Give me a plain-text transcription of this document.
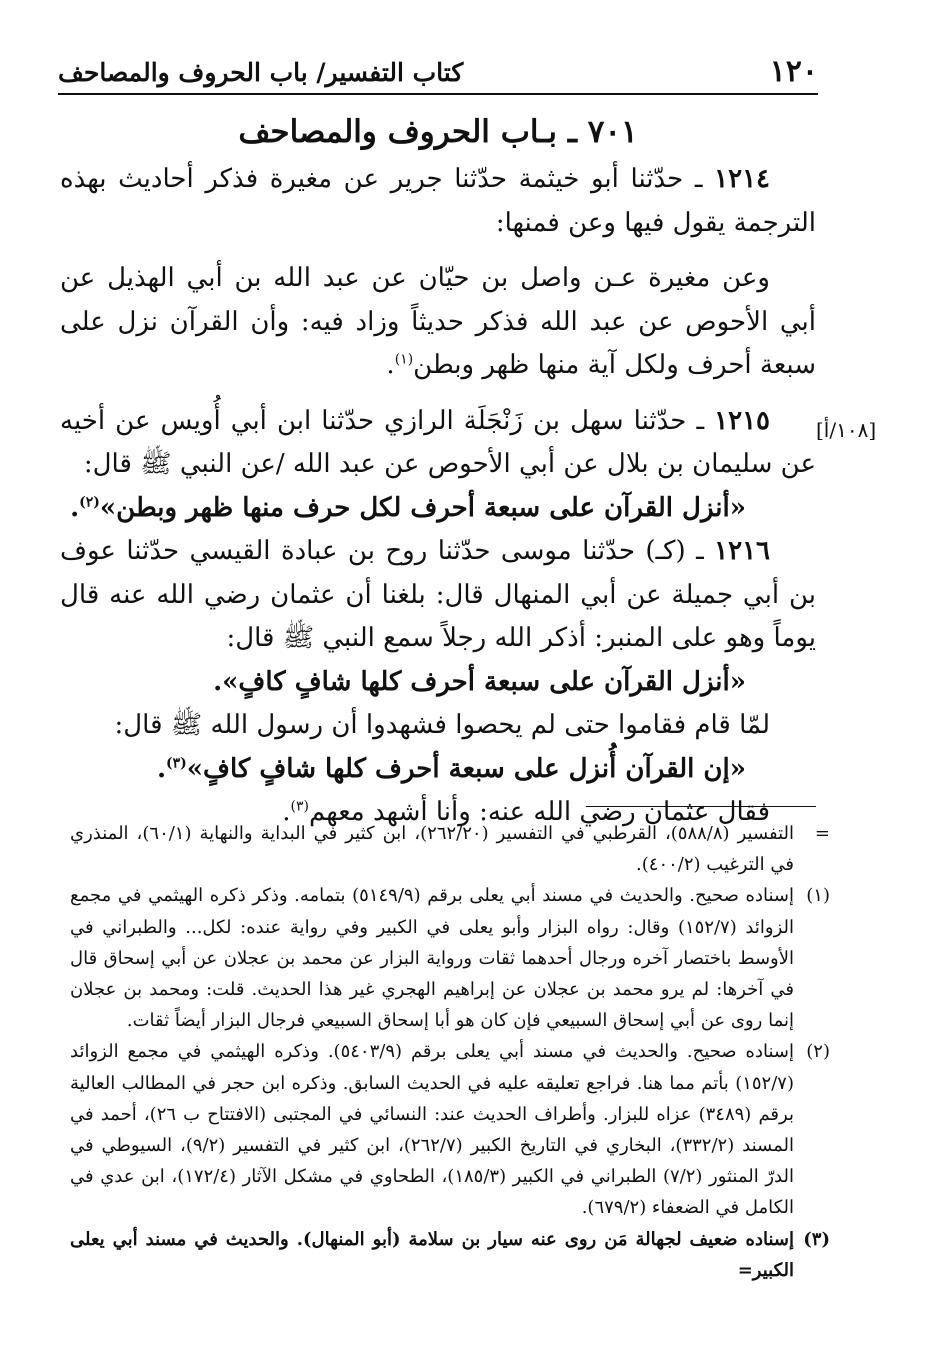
١٢٠
كتاب التفسير/ باب الحروف والمصاحف
٧٠١ ـ بـاب الحروف والمصاحف

١٢١٤ ـ حدّثنا أبو خيثمة حدّثنا جرير عن مغيرة فذكر أحاديث بهذه الترجمة يقول فيها وعن فمنها:

وعن مغيرة عـن واصل بن حيّان عن عبد الله بن أبي الهذيل عن أبي الأحوص عن عبد الله فذكر حديثاً وزاد فيه: وأن القرآن نزل على سبعة أحرف ولكل آية منها ظهر وبطن$^{(١)}$.

١٢١٥ ـ حدّثنا سهل بن زَنْجَلَة الرازي حدّثنا ابن أبي أُويس عن أخيه عن سليمان بن بلال عن أبي الأحوص عن عبد الله /عن النبي ﷺ قال:

«أنزل القرآن على سبعة أحرف لكل حرف منها ظهر وبطن»$^{(٢)}$.

١٢١٦ ـ (كـ) حدّثنا موسى حدّثنا روح بن عبادة القيسي حدّثنا عوف بن أبي جميلة عن أبي المنهال قال: بلغنا أن عثمان رضي الله عنه قال يوماً وهو على المنبر: أذكر الله رجلاً سمع النبي ﷺ قال:

«أنزل القرآن على سبعة أحرف كلها شافٍ كافٍ».

لمّا قام فقاموا حتى لم يحصوا فشهدوا أن رسول الله ﷺ قال:

«إن القرآن أُنزل على سبعة أحرف كلها شافٍ كافٍ»$^{(٣)}$.

فقال عثمان رضي الله عنه: وأنا أشهد معهم$^{(٣)}$.

[١٠٨/أ]

=
التفسير (٥٨٨/٨)، القرطبي في التفسير (٢٦٢/٢٠)، ابن كثير في البداية والنهاية (٦٠/١)، المنذري في الترغيب (٤٠٠/٢).

(١)
إسناده صحيح. والحديث في مسند أبي يعلى برقم (٥١٤٩/٩) بتمامه. وذكر ذكره الهيثمي في مجمع الزوائد (١٥٢/٧) وقال: رواه البزار وأبو يعلى في الكبير وفي رواية عنده: لكل... والطبراني في الأوسط باختصار آخره ورجال أحدهما ثقات ورواية البزار عن محمد بن عجلان عن أبي إسحاق قال في آخرها: لم يرو محمد بن عجلان عن إبراهيم الهجري غير هذا الحديث. قلت: ومحمد بن عجلان إنما روى عن أبي إسحاق السبيعي فإن كان هو أبا إسحاق السبيعي فرجال البزار أيضاً ثقات.

(٢)
إسناده صحيح. والحديث في مسند أبي يعلى برقم (٥٤٠٣/٩). وذكره الهيثمي في مجمع الزوائد (١٥٢/٧) بأتم مما هنا. فراجع تعليقه عليه في الحديث السابق. وذكره ابن حجر في المطالب العالية برقم (٣٤٨٩) عزاه للبزار. وأطراف الحديث عند: النسائي في المجتبى (الافتتاح ب ٢٦)، أحمد في المسند (٣٣٢/٢)، البخاري في التاريخ الكبير (٢٦٢/٧)، ابن كثير في التفسير (٩/٢)، السيوطي في الدرّ المنثور (٧/٢) الطبراني في الكبير (١٨٥/٣)، الطحاوي في مشكل الآثار (١٧٢/٤)، ابن عدي في الكامل في الضعفاء (٦٧٩/٢).

(٣)
إسناده ضعيف لجهالة مَن روى عنه سيار بن سلامة (أبو المنهال). والحديث في مسند أبي يعلى الكبير=
